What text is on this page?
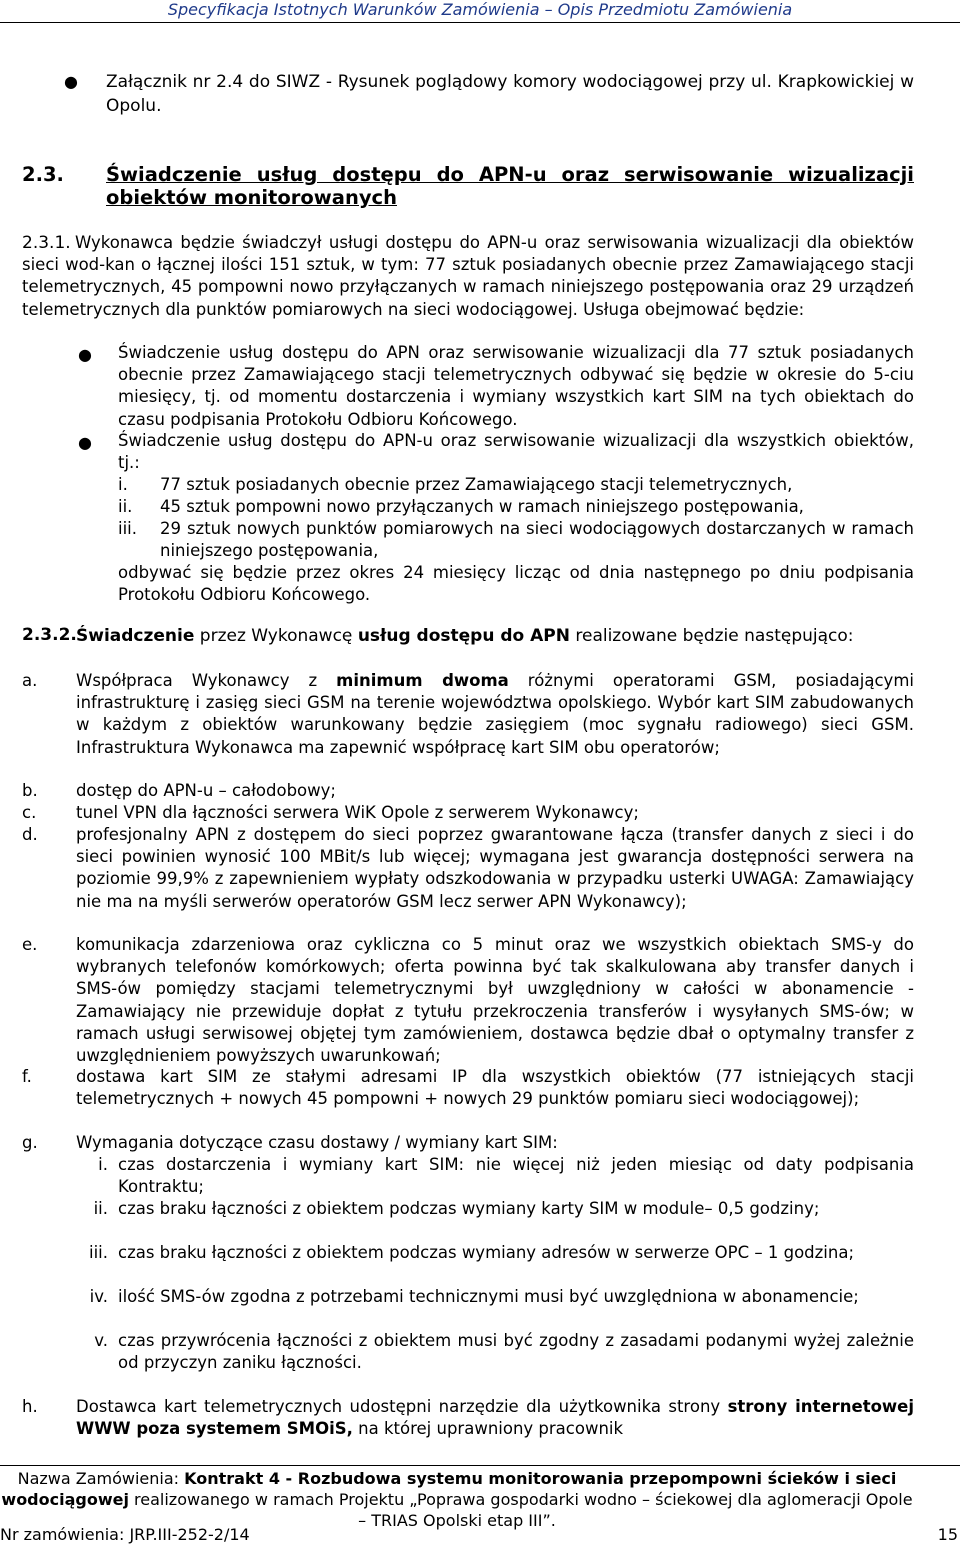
Specyfikacja Istotnych Warunków Zamówienia – Opis Przedmiotu Zamówienia
● Załącznik nr 2.4 do SIWZ - Rysunek poglądowy komory wodociągowej przy ul. Krapkowickiej w Opolu.
2.3. Świadczenie usług dostępu do APN-u oraz serwisowanie wizualizacji obiektów monitorowanych
2.3.1. Wykonawca będzie świadczył usługi dostępu do APN-u oraz serwisowania wizualizacji dla obiektów sieci wod-kan o łącznej ilości 151 sztuk, w tym: 77 sztuk posiadanych obecnie przez Zamawiającego stacji telemetrycznych, 45 pompowni nowo przyłączanych w ramach niniejszego postępowania oraz 29 urządzeń telemetrycznych dla punktów pomiarowych na sieci wodociągowej. Usługa obejmować będzie:
● Świadczenie usług dostępu do APN oraz serwisowanie wizualizacji dla 77 sztuk posiadanych obecnie przez Zamawiającego stacji telemetrycznych odbywać się będzie w okresie do 5-ciu miesięcy, tj. od momentu dostarczenia i wymiany wszystkich kart SIM na tych obiektach do czasu podpisania Protokołu Odbioru Końcowego.
● Świadczenie usług dostępu do APN-u oraz serwisowanie wizualizacji dla wszystkich obiektów, tj.:
i. 77 sztuk posiadanych obecnie przez Zamawiającego stacji telemetrycznych,
ii. 45 sztuk pompowni nowo przyłączanych w ramach niniejszego postępowania,
iii. 29 sztuk nowych punktów pomiarowych na sieci wodociągowych dostarczanych w ramach niniejszego postępowania,
odbywać się będzie przez okres 24 miesięcy licząc od dnia następnego po dniu podpisania Protokołu Odbioru Końcowego.
2.3.2. Świadczenie przez Wykonawcę usług dostępu do APN realizowane będzie następująco:
a. Współpraca Wykonawcy z minimum dwoma różnymi operatorami GSM, posiadającymi infrastrukturę i zasięg sieci GSM na terenie województwa opolskiego. Wybór kart SIM zabudowanych w każdym z obiektów warunkowany będzie zasięgiem (moc sygnału radiowego) sieci GSM. Infrastruktura Wykonawca ma zapewnić współpracę kart SIM obu operatorów;
b. dostęp do APN-u – całodobowy;
c. tunel VPN dla łączności serwera WiK Opole z serwerem Wykonawcy;
d. profesjonalny APN z dostępem do sieci poprzez gwarantowane łącza (transfer danych z sieci i do sieci powinien wynosić 100 MBit/s lub więcej; wymagana jest gwarancja dostępności serwera na poziomie 99,9% z zapewnieniem wypłaty odszkodowania w przypadku usterki UWAGA: Zamawiający nie ma na myśli serwerów operatorów GSM lecz serwer APN Wykonawcy);
e. komunikacja zdarzeniowa oraz cykliczna co 5 minut oraz we wszystkich obiektach SMS-y do wybranych telefonów komórkowych; oferta powinna być tak skalkulowana aby transfer danych i SMS-ów pomiędzy stacjami telemetrycznymi był uwzględniony w całości w abonamencie - Zamawiający nie przewiduje dopłat z tytułu przekroczenia transferów i wysyłanych SMS-ów; w ramach usługi serwisowej objętej tym zamówieniem, dostawca będzie dbał o optymalny transfer z uwzględnieniem powyższych uwarunkowań;
f.	dostawa kart SIM ze stałymi adresami IP dla wszystkich obiektów (77 istniejących stacji telemetrycznych + nowych 45 pompowni + nowych 29 punktów pomiaru sieci wodociągowej);
g. Wymagania dotyczące czasu dostawy / wymiany kart SIM:
i. czas dostarczenia i wymiany kart SIM: nie więcej niż jeden miesiąc od daty podpisania Kontraktu;
ii. czas braku łączności z obiektem podczas wymiany karty SIM w module– 0,5 godziny;
iii. czas braku łączności z obiektem podczas wymiany adresów w serwerze OPC – 1 godzina;
iv. ilość SMS-ów zgodna z potrzebami technicznymi musi być uwzględniona w abonamencie;
v. czas przywrócenia łączności z obiektem musi być zgodny z zasadami podanymi wyżej zależnie od przyczyn zaniku łączności.
h. Dostawca kart telemetrycznych udostępni narzędzie dla użytkownika strony strony internetowej WWW poza systemem SMOiS, na której uprawniony pracownik
Nazwa Zamówienia: Kontrakt 4 - Rozbudowa systemu monitorowania przepompowni ścieków i sieci wodociągowej realizowanego w ramach Projektu „Poprawa gospodarki wodno – ściekowej dla aglomeracji Opole – TRIAS Opolski etap III”.
Nr zamówienia: JRP.III-252-2/14	15
